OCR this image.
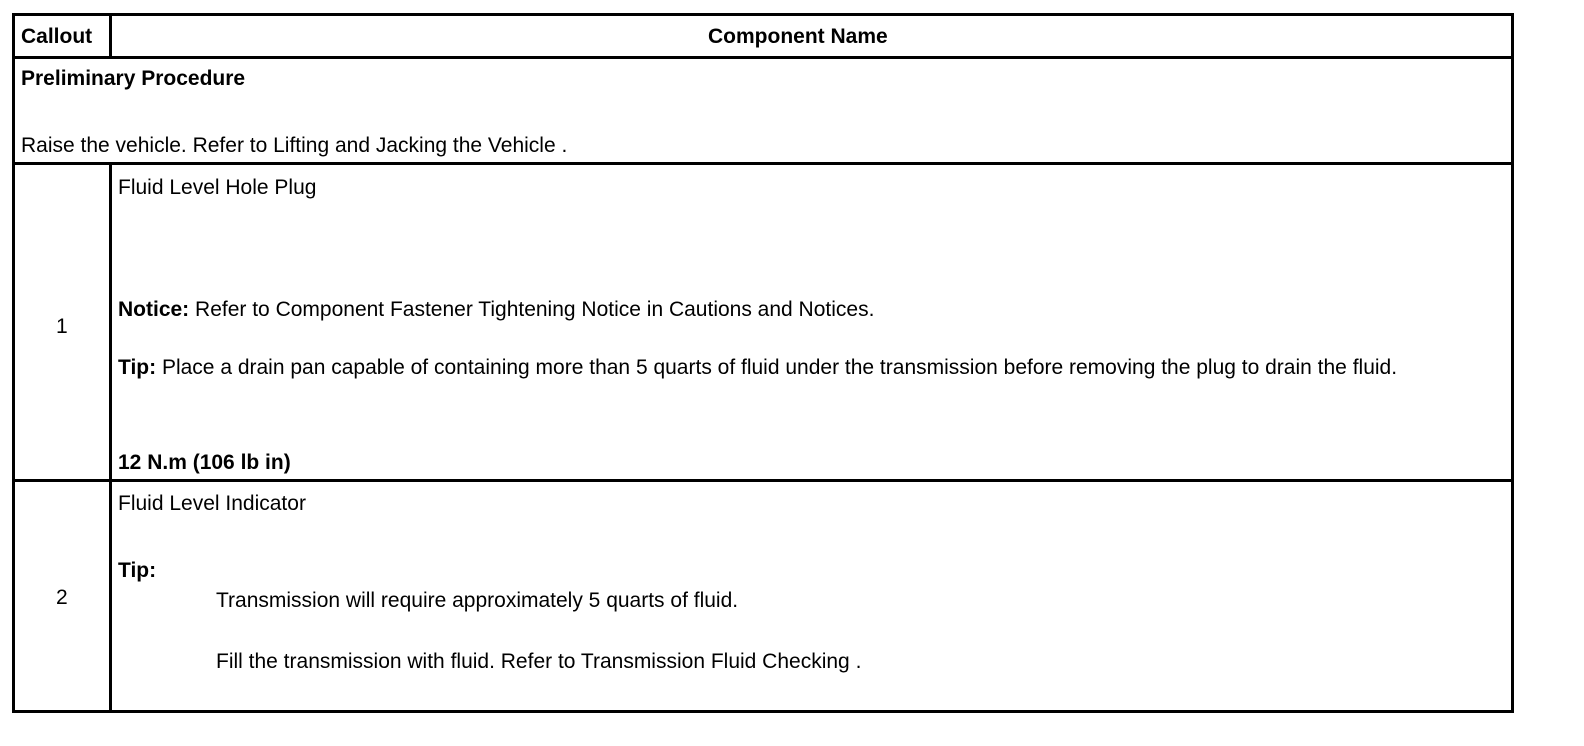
Callout	Component Name
Preliminary Procedure
Raise the vehicle. Refer to Lifting and Jacking the Vehicle .
1
Fluid Level Hole Plug
Notice: Refer to Component Fastener Tightening Notice in Cautions and Notices.
Tip: Place a drain pan capable of containing more than 5 quarts of fluid under the transmission before removing the plug to drain the fluid.
12 N.m (106 lb in)
2
Fluid Level Indicator
Tip:
Transmission will require approximately 5 quarts of fluid.
Fill the transmission with fluid. Refer to Transmission Fluid Checking .
